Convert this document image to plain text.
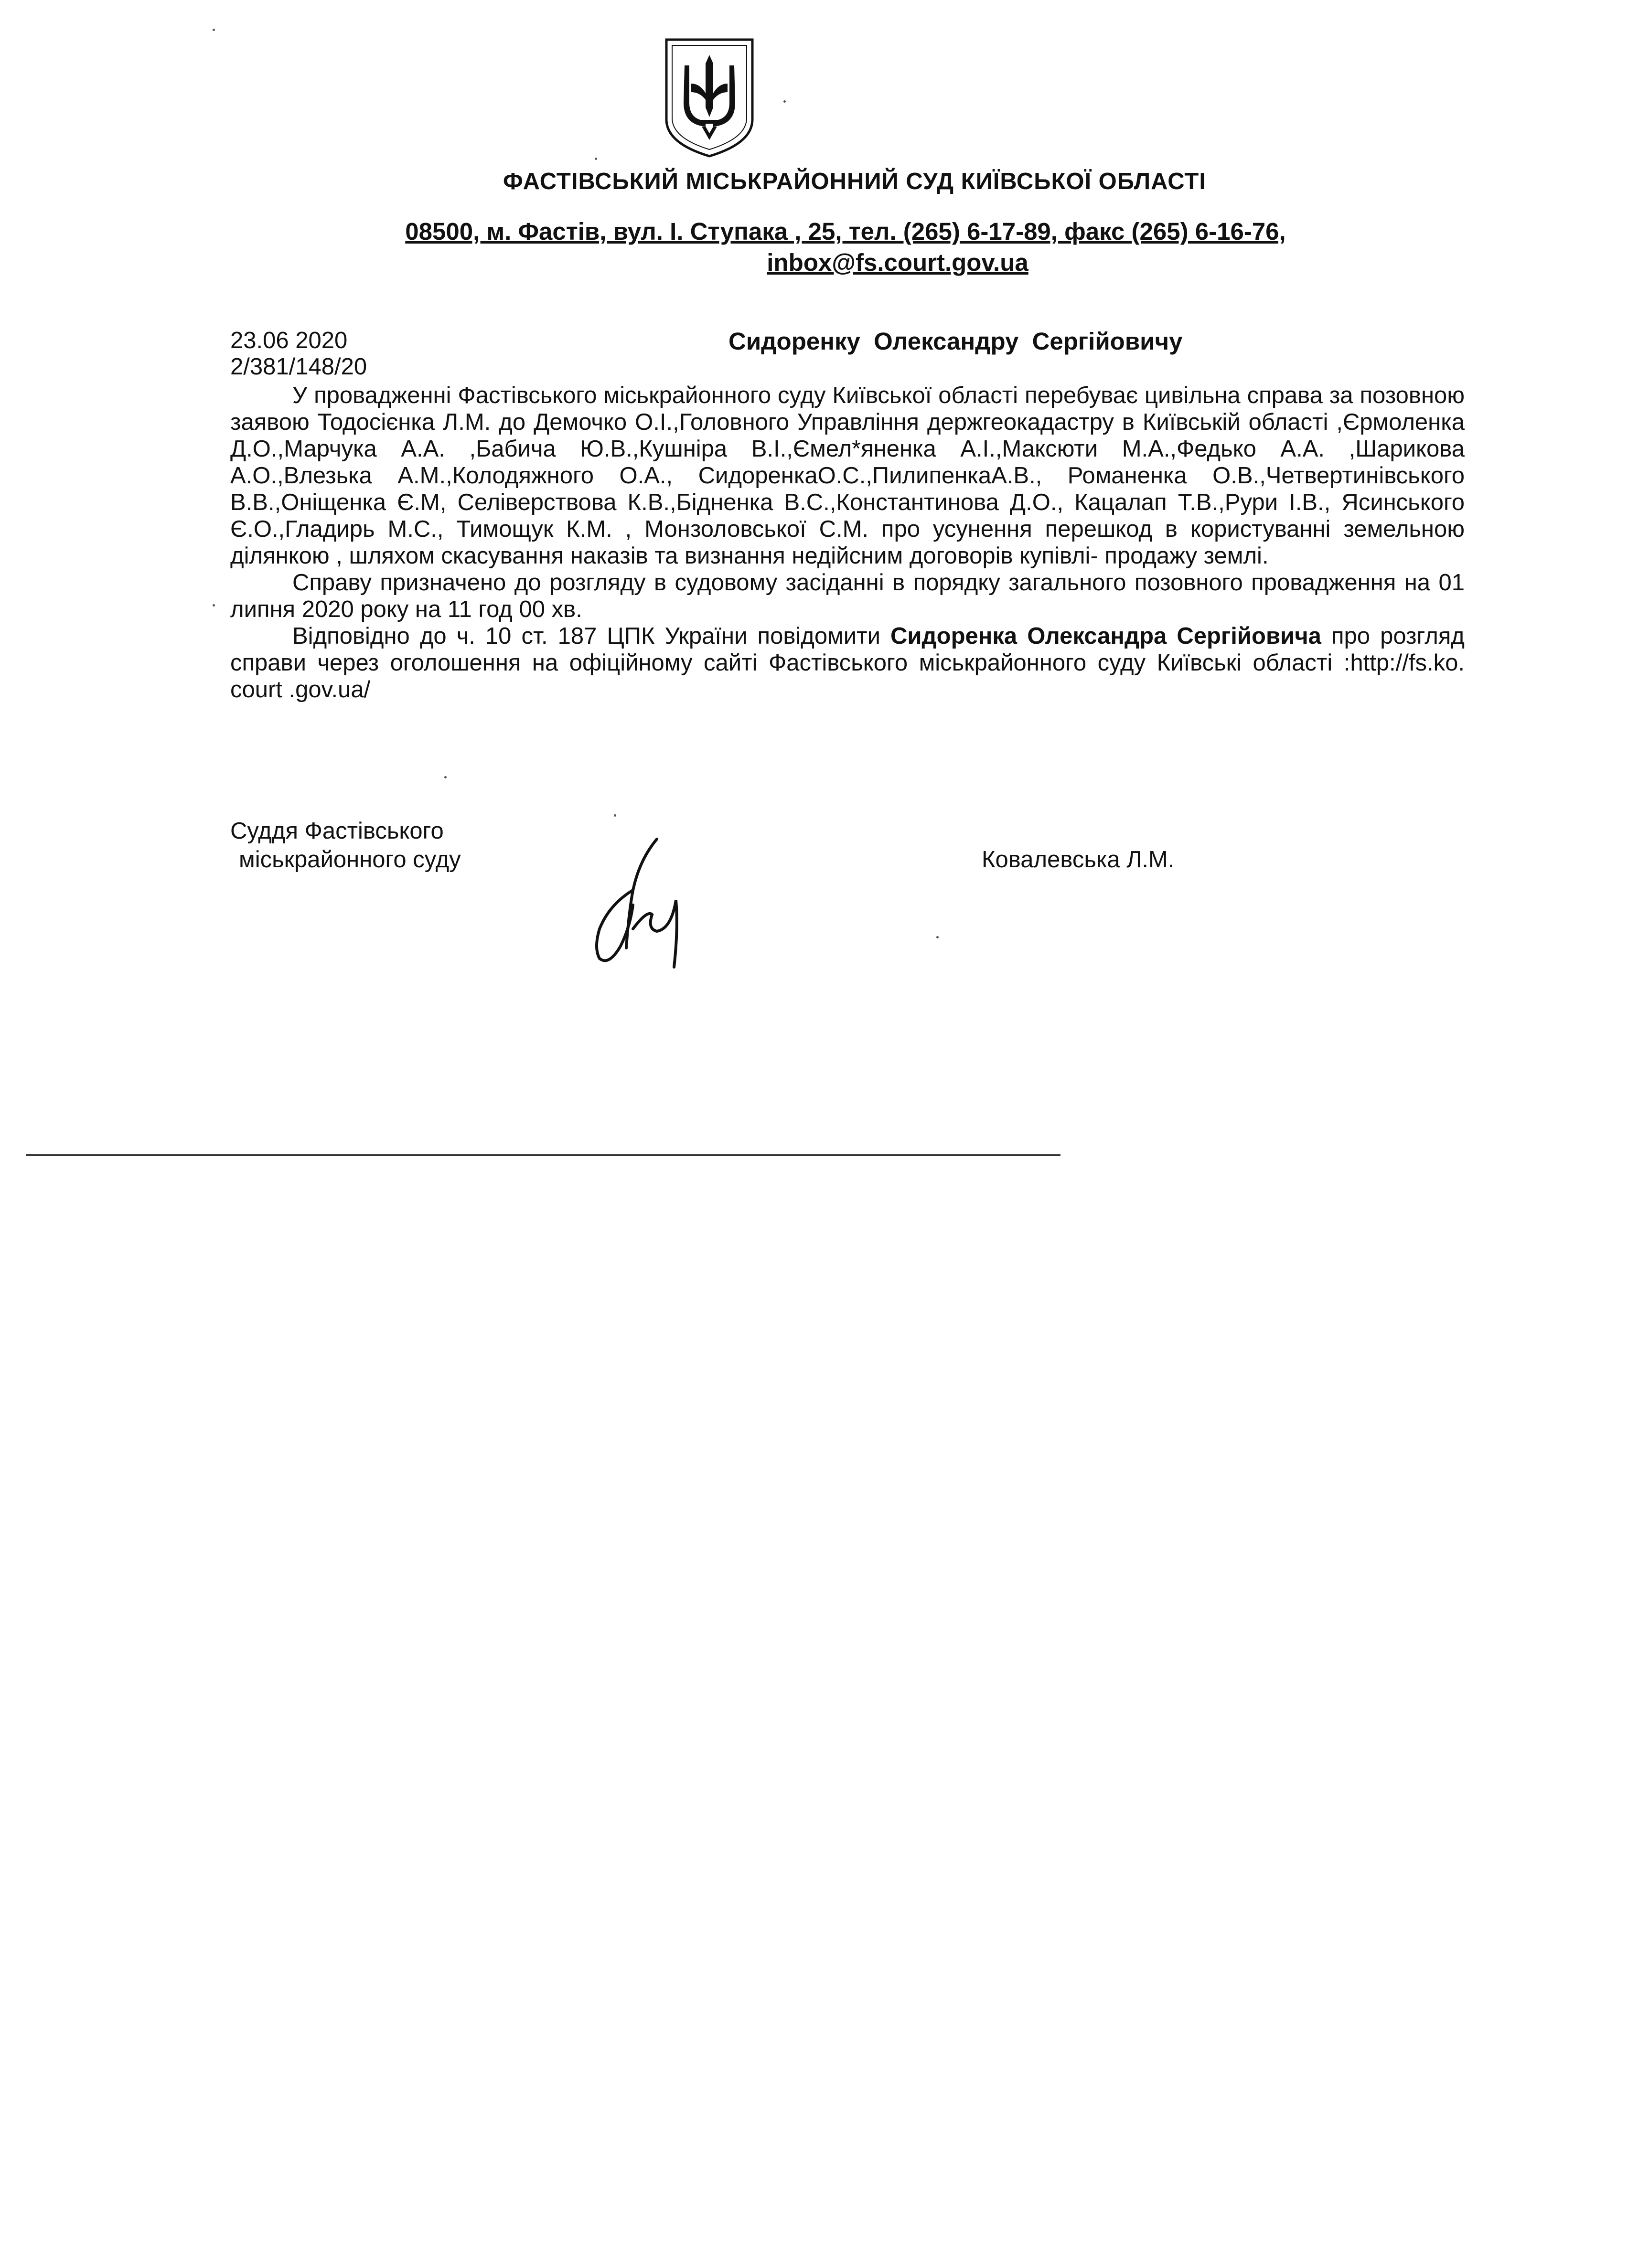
ФАСТІВСЬКИЙ МІСЬКРАЙОННИЙ СУД КИЇВСЬКОЇ ОБЛАСТІ
08500, м. Фастів, вул. І. Ступака , 25, тел. (265) 6-17-89, факс (265) 6-16-76,
inbox@fs.court.gov.ua
23.06 2020
2/381/148/20
Сидоренку Олександру Сергійовичу

У провадженні Фастівського міськрайонного суду Київської області перебуває цивільна справа за позовною заявою Тодосієнка Л.М. до Демочко О.І.,Головного Управління держгеокадастру в Київській області ,Єрмоленка Д.О.,Марчука А.А. ,Бабича Ю.В.,Кушніра В.І.,Ємел*яненка А.І.,Максюти М.А.,Федько А.А. ,Шарикова А.О.,Влезька А.М.,Колодяжного О.А., СидоренкаО.С.,ПилипенкаА.В., Романенка О.В.,Четвертинівського В.В.,Оніщенка Є.М, Селіверствова К.В.,Бідненка В.С.,Константинова Д.О., Кацалап Т.В.,Рури І.В., Ясинського Є.О.,Гладирь М.С., Тимощук К.М. , Монзоловської С.М. про усунення перешкод в користуванні земельною ділянкою , шляхом скасування наказів та визнання недійсним договорів купівлі- продажу землі.

Справу призначено до розгляду в судовому засіданні в порядку загального позовного провадження на 01 липня 2020 року на 11 год 00 хв.

Відповідно до ч. 10 ст. 187 ЦПК України повідомити Сидоренка Олександра Сергійовича про розгляд справи через оголошення на офіційному сайті Фастівського міськрайонного суду Київські області :http://fs.ko. court .gov.ua/

Суддя Фастівського
міськрайонного суду	Ковалевська Л.М.
